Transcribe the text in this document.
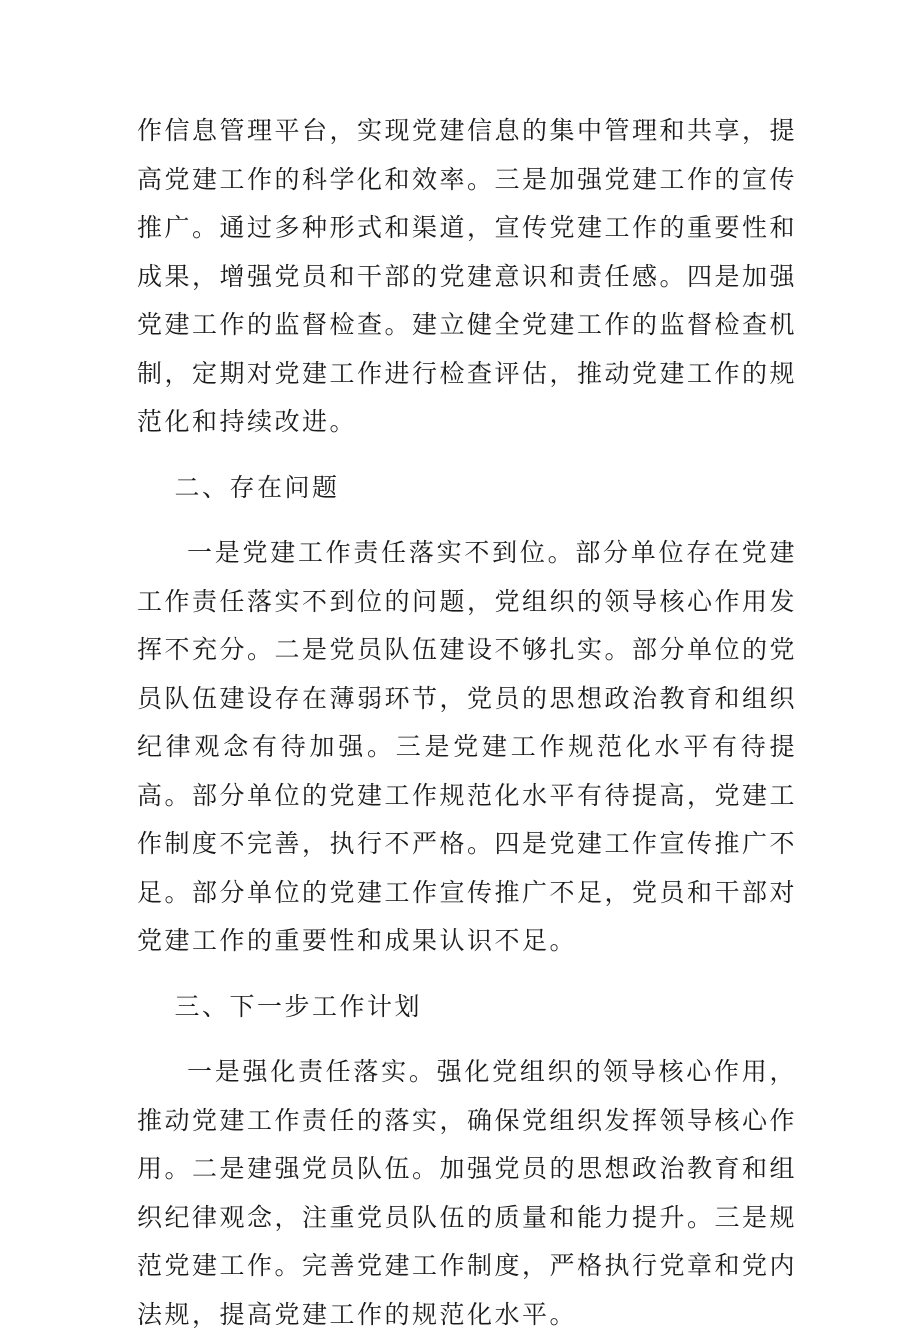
作信息管理平台，实现党建信息的集中管理和共享，提高党建工作的科学化和效率。三是加强党建工作的宣传推广。通过多种形式和渠道，宣传党建工作的重要性和成果，增强党员和干部的党建意识和责任感。四是加强党建工作的监督检查。建立健全党建工作的监督检查机制，定期对党建工作进行检查评估，推动党建工作的规范化和持续改进。

二、存在问题

一是党建工作责任落实不到位。部分单位存在党建工作责任落实不到位的问题，党组织的领导核心作用发挥不充分。二是党员队伍建设不够扎实。部分单位的党员队伍建设存在薄弱环节，党员的思想政治教育和组织纪律观念有待加强。三是党建工作规范化水平有待提高。部分单位的党建工作规范化水平有待提高，党建工作制度不完善，执行不严格。四是党建工作宣传推广不足。部分单位的党建工作宣传推广不足，党员和干部对党建工作的重要性和成果认识不足。

三、下一步工作计划

一是强化责任落实。强化党组织的领导核心作用，推动党建工作责任的落实，确保党组织发挥领导核心作用。二是建强党员队伍。加强党员的思想政治教育和组织纪律观念，注重党员队伍的质量和能力提升。三是规范党建工作。完善党建工作制度，严格执行党章和党内法规，提高党建工作的规范化水平。
